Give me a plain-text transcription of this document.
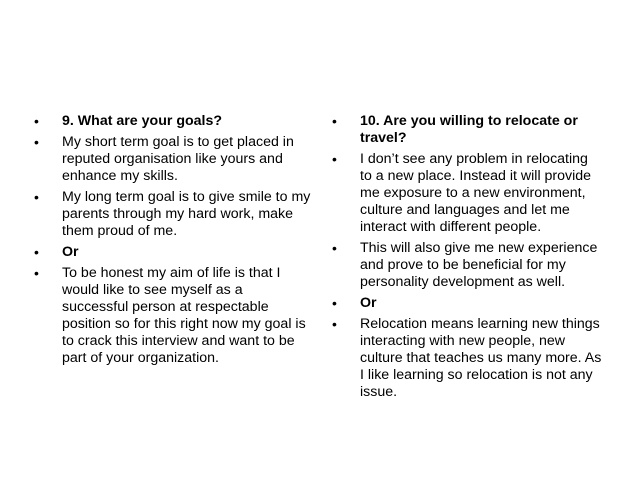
•	9. What are your goals?
•	My short term goal is to get placed in reputed organisation like yours and enhance my skills.
•	My long term goal is to give smile to my parents through my hard work, make them proud of me.
•	Or
•	To be honest my aim of life is that I would like to see myself as a successful person at respectable position so for this right now my goal is to crack this interview and want to be part of your organization.
•	10. Are you willing to relocate or travel?
•	I don’t see any problem in relocating to a new place. Instead it will provide me exposure to a new environment, culture and languages and let me interact with different people.
•	This will also give me new experience and prove to be beneficial for my personality development as well.
•	Or
•	Relocation means learning new things interacting with new people, new culture that teaches us many more. As I like learning so relocation is not any issue.
